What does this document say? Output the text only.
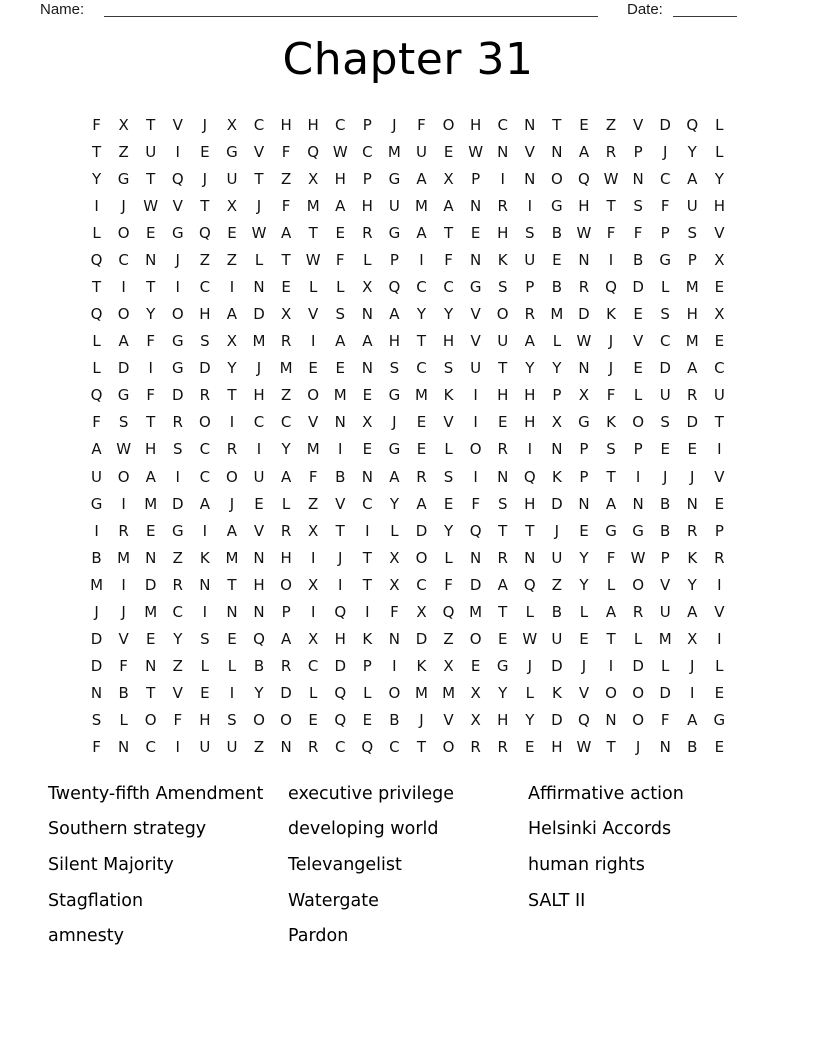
Name:	Date:
Chapter 31
F	X	T	V	J	X	C	H	H	C	P	J	F	O	H	C	N	T	E	Z	V	D	Q	L
T	Z	U	I	E	G	V	F	Q W C	M	U	E W N	V	N	A	R	P	J	Y	L
Y	G	T	Q	J	U	T	Z	X	H	P	G	A	X	P	I	N	O	Q W N	C	A	Y
I	J	W V	T	X	J	F	M	A	H	U	M	A	N	R	I	G	H	T	S	F	U	H
L	O	E	G	Q	E W A	T	E	R	G	A	T	E	H	S	B W	F	F	P	S	V
Q	C	N	J	Z	Z	L	T	W	F	L	P	I	F	N	K	U	E	N	I	B	G	P	X
T	I	T	I	C	I	N	E	L	L	X	Q	C	C	G	S	P	B	R	Q	D	L	M	E
Q	O	Y	O	H	A	D	X	V	S	N	A	Y	Y	V	O	R	M D	K	E	S	H	X
L	A	F	G	S	X	M	R	I	A	A	H	T	H	V	U	A	L	W	J	V	C	M	E
L	D	I	G	D	Y	J	M	E	E	N	S	C	S	U	T	Y	Y	N	J	E	D	A	C
Q	G	F	D	R	T	H	Z	O M	E	G M	K	I	H	H	P	X	F	L	U	R	U
F	S	T	R	O	I	C	C	V	N	X	J	E	V	I	E	H	X	G	K	O	S	D	T
A W H	S	C	R	I	Y	M	I	E	G	E	L	O	R	I	N	P	S	P	E	E	I
U	O	A	I	C	O	U	A	F	B	N	A	R	S	I	N	Q	K	P	T	I	J	J	V
G	I	M D	A	J	E	L	Z	V	C	Y	A	E	F	S	H	D	N	A	N	B	N	E
I	R	E	G	I	A	V	R	X	T	I	L	D	Y	Q	T	T	J	E	G	G	B	R	P
B	M N	Z	K	M N	H	I	J	T	X	O	L	N	R	N	U	Y	F	W	P	K	R
M	I	D	R	N	T	H	O	X	I	T	X	C	F	D	A	Q	Z	Y	L	O	V	Y	I
J	J	M	C	I	N	N	P	I	Q	I	F	X	Q M	T	L	B	L	A	R	U	A	V
D	V	E	Y	S	E	Q	A	X	H	K	N	D	Z	O	E W U	E	T	L	M	X	I
D	F	N	Z	L	L	B	R	C	D	P	I	K	X	E	G	J	D	J	I	D	L	J	L
N	B	T	V	E	I	Y	D	L	Q	L	O M M	X	Y	L	K	V	O	O	D	I	E
S	L	O	F	H	S	O	O	E	Q	E	B	J	V	X	H	Y	D	Q	N	O	F	A	G
F	N	C	I	U	U	Z	N	R	C	Q	C	T	O	R	R	E	H W	T	J	N	B	E
Twenty-fifth Amendment
Southern strategy
Silent Majority
Stagflation
amnesty
executive privilege
developing world
Televangelist
Watergate
Pardon
Affirmative action
Helsinki Accords
human rights
SALT II
